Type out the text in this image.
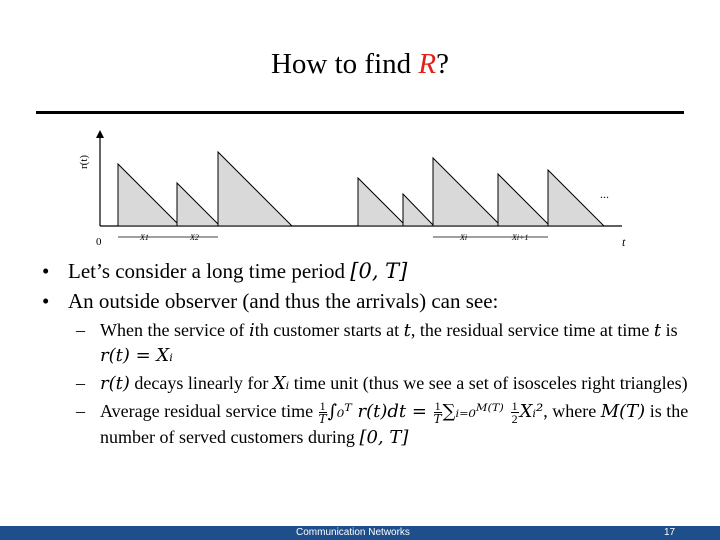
How to find R?
0	t
...
X1	X2	Xi	Xi+1
r(t)
• Let’s consider a long time period [0, T]
• An outside observer (and thus the arrivals) can see:
– When the service of ith customer starts at t, the residual service time at time t is r(t) = Xᵢ
– r(t) decays linearly for Xᵢ time unit (thus we see a set of isosceles right triangles)
– Average residual service time $\frac{1}{T}$ ∫₀ᵀ $r(t)dt = \frac{1}{T}$ ∑ᵢ₌₀ᴹ⁽ᵀ⁾ $\frac{1}{2}$ Xᵢ², where M(T) is the number of served customers during [0, T]
Communication Networks	17
